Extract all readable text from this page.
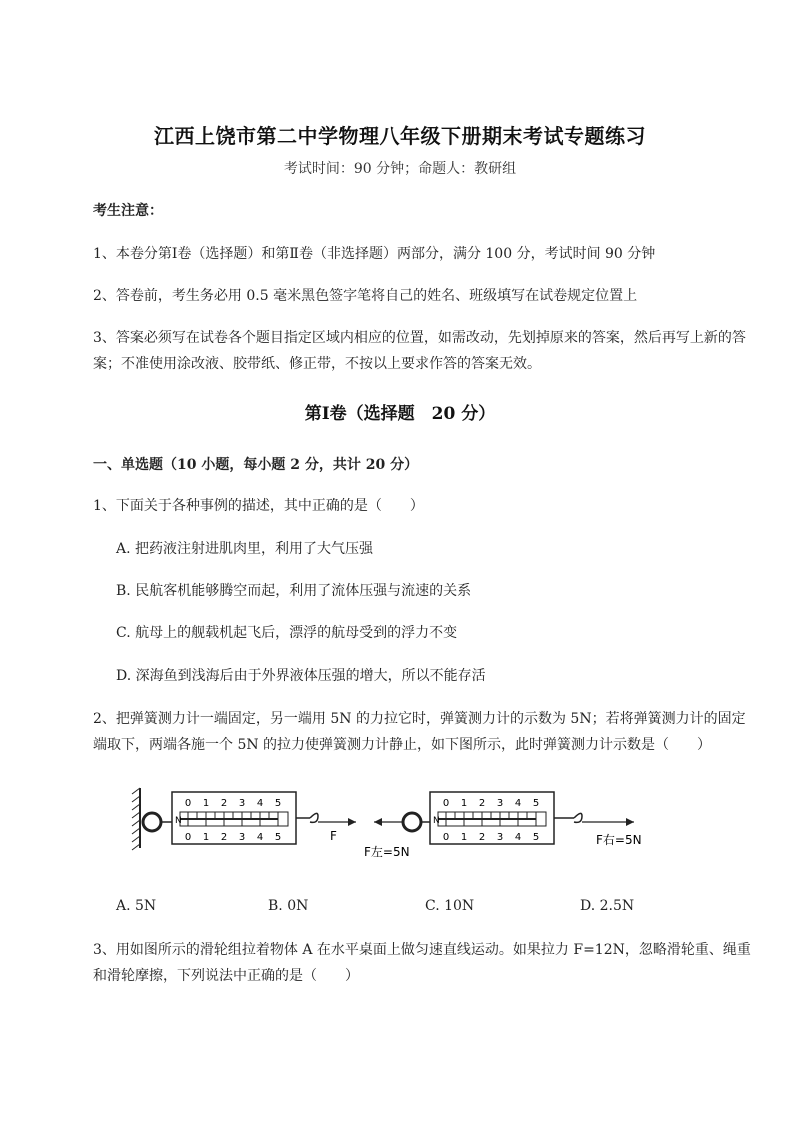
江西上饶市第二中学物理八年级下册期末考试专题练习
考试时间：90 分钟；命题人：教研组
考生注意：
1、本卷分第Ⅰ卷（选择题）和第Ⅱ卷（非选择题）两部分，满分 100 分，考试时间 90 分钟
2、答卷前，考生务必用 0.5 毫米黑色签字笔将自己的姓名、班级填写在试卷规定位置上
3、答案必须写在试卷各个题目指定区域内相应的位置，如需改动，先划掉原来的答案，然后再写上新的答案；不准使用涂改液、胶带纸、修正带，不按以上要求作答的答案无效。
第Ⅰ卷（选择题　20 分）
一、单选题（10 小题，每小题 2 分，共计 20 分）
1、下面关于各种事例的描述，其中正确的是（　　）
A. 把药液注射进肌肉里，利用了大气压强
B. 民航客机能够腾空而起，利用了流体压强与流速的关系
C. 航母上的舰载机起飞后，漂浮的航母受到的浮力不变
D. 深海鱼到浅海后由于外界液体压强的增大，所以不能存活
2、把弹簧测力计一端固定，另一端用 5N 的力拉它时，弹簧测力计的示数为 5N；若将弹簧测力计的固定端取下，两端各施一个 5N 的拉力使弹簧测力计静止，如下图所示，此时弹簧测力计示数是（　　）
N
0 1 2 3 4 5
0 1 2 3 4 5	F
N
0 1 2 3 4 5
0 1 2 3 4 5
F左=5N
F右=5N
A. 5N	B. 0N	C. 10N	D. 2.5N
3、用如图所示的滑轮组拉着物体 A 在水平桌面上做匀速直线运动。如果拉力 F=12N，忽略滑轮重、绳重和滑轮摩擦，下列说法中正确的是（　　）
